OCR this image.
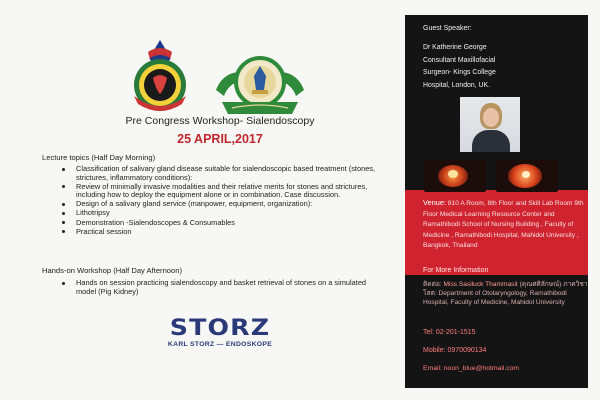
Pre Congress Workshop- Sialendoscopy
25 APRIL,2017
Lecture topics (Half Day Morning)
Classification of salivary gland disease suitable for sialendoscopic based treatment (stones, strictures, inflammatory conditions):
Review of minimally invasive modalities and their relative merits for stones and strictures, including how to deploy the equipment alone or in combination. Case discussion.
Design of a salivary gland service (manpower, equipment, organization):
Lithotripsy
Demonstration -Sialendoscopes & Consumables
Practical session
Hands-on Workshop (Half Day Afternoon)
Hands on session practicing sialendoscopy and basket retrieval of stones on a simulated model (Pig Kidney)
STORZ
KARL STORZ — ENDOSKOPE
Guest Speaker:
Dr Katherine George
Consultant Maxillofacial
Surgeon- Kings College
Hospital, London, UK.
Venue: 810 A Room, 8th Floor and Skill Lab Room 9th Floor Medical Learning Resource Center and Ramathibodi School of Nursing Building , Faculty of Medicine , Ramathibodi Hospital, Mahidol University , Bangkok, Thailand
For More Information
ติดต่อ: Miss Sasiluck Thammasit (คุณศศิลักษณ์) ภาควิชาโสต: Department of Otolaryngology, Ramathibodi Hospital, Faculty of Medicine, Mahidol University
Tel: 02-201-1515
Mobile: 0970090134
Email: noon_blue@hotmail.com
